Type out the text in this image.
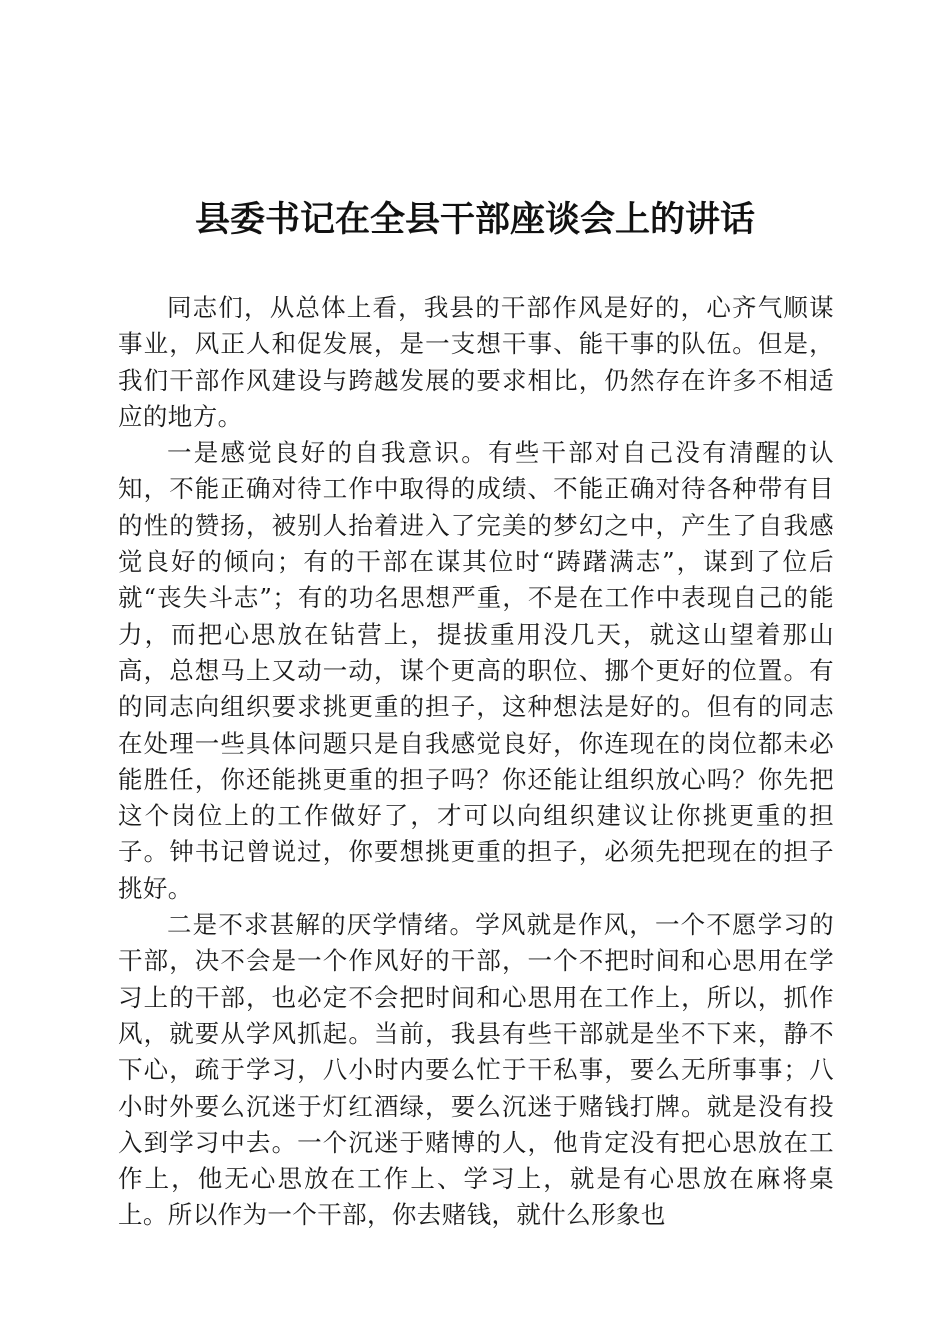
县委书记在全县干部座谈会上的讲话

同志们，从总体上看，我县的干部作风是好的，心齐气顺谋事业，风正人和促发展，是一支想干事、能干事的队伍。但是，我们干部作风建设与跨越发展的要求相比，仍然存在许多不相适应的地方。

一是感觉良好的自我意识。有些干部对自己没有清醒的认知，不能正确对待工作中取得的成绩、不能正确对待各种带有目的性的赞扬，被别人抬着进入了完美的梦幻之中，产生了自我感觉良好的倾向；有的干部在谋其位时“踌躇满志”，谋到了位后就“丧失斗志”；有的功名思想严重，不是在工作中表现自己的能力，而把心思放在钻营上，提拔重用没几天，就这山望着那山高，总想马上又动一动，谋个更高的职位、挪个更好的位置。有的同志向组织要求挑更重的担子，这种想法是好的。但有的同志在处理一些具体问题只是自我感觉良好，你连现在的岗位都未必能胜任，你还能挑更重的担子吗？你还能让组织放心吗？你先把这个岗位上的工作做好了，才可以向组织建议让你挑更重的担子。钟书记曾说过，你要想挑更重的担子，必须先把现在的担子挑好。

二是不求甚解的厌学情绪。学风就是作风，一个不愿学习的干部，决不会是一个作风好的干部，一个不把时间和心思用在学习上的干部，也必定不会把时间和心思用在工作上，所以，抓作风，就要从学风抓起。当前，我县有些干部就是坐不下来，静不下心，疏于学习，八小时内要么忙于干私事，要么无所事事；八小时外要么沉迷于灯红酒绿，要么沉迷于赌钱打牌。就是没有投入到学习中去。一个沉迷于赌博的人，他肯定没有把心思放在工作上，他无心思放在工作上、学习上，就是有心思放在麻将桌上。所以作为一个干部，你去赌钱，就什么形象也
